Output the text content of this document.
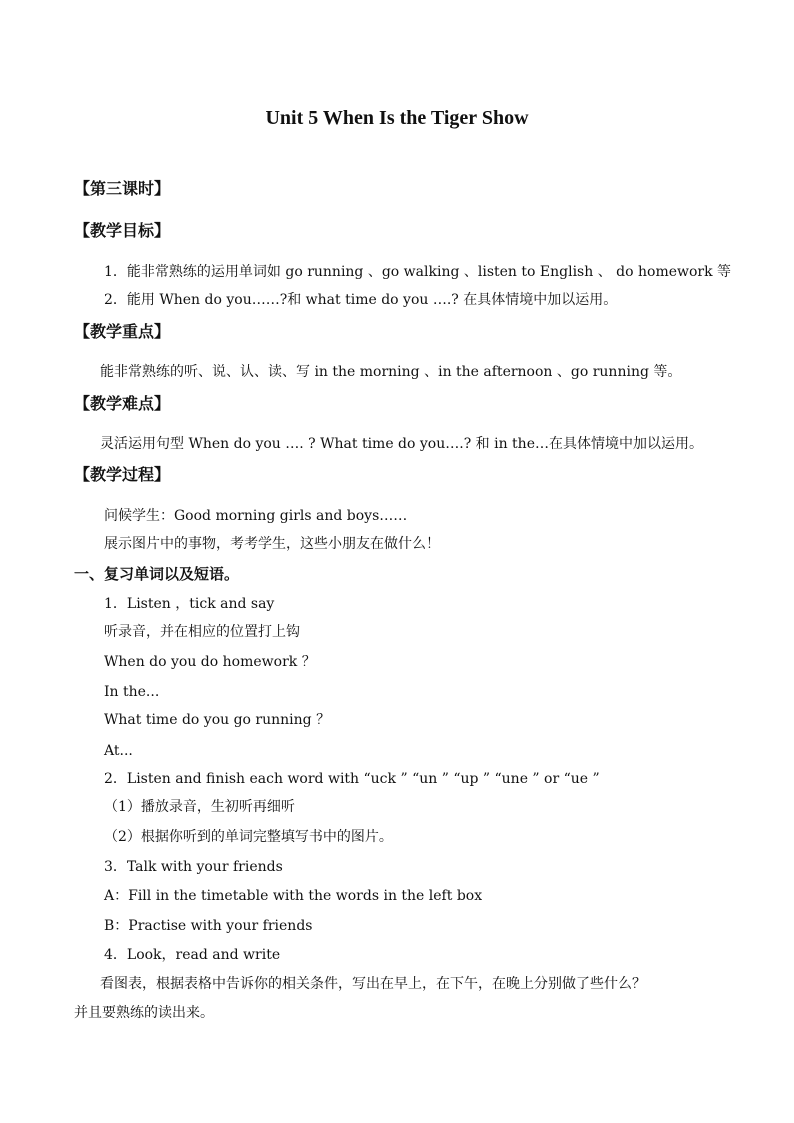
Unit 5 When Is the Tiger Show
【第三课时】
【教学目标】
1．能非常熟练的运用单词如 go running 、go walking 、listen to English 、 do homework 等
2．能用 When do you……?和 what time do you ….? 在具体情境中加以运用。
【教学重点】
能非常熟练的听、说、认、读、写 in the morning 、in the afternoon 、go running 等。
【教学难点】
灵活运用句型 When do you …. ? What time do you….? 和 in the…在具体情境中加以运用。
【教学过程】
问候学生：Good morning girls and boys……
展示图片中的事物，考考学生，这些小朋友在做什么！
一、复习单词以及短语。
1．Listen ，tick and say
听录音，并在相应的位置打上钩
When do you do homework ？
In the...
What time do you go running ？
At...
2．Listen and finish each word with “uck ” “un ” “up ” “une ” or “ue ”
（1）播放录音，生初听再细听
（2）根据你听到的单词完整填写书中的图片。
3．Talk with your friends
A：Fill in the timetable with the words in the left box
B：Practise with your friends
4．Look，read and write
看图表，根据表格中告诉你的相关条件，写出在早上，在下午，在晚上分别做了些什么？
并且要熟练的读出来。
